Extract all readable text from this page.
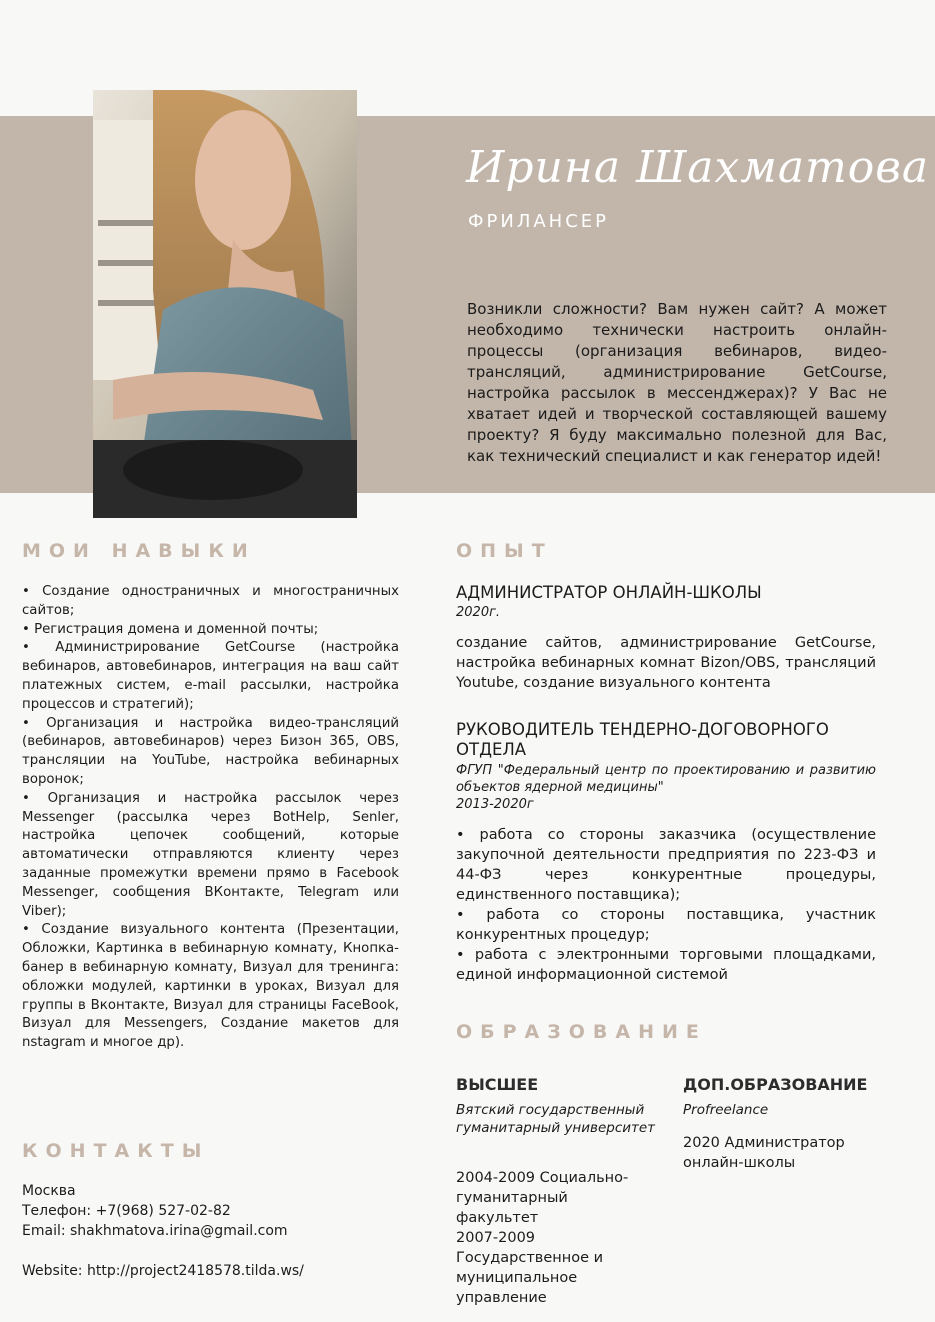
Ирина Шахматова
ФРИЛАНСЕР
Возникли сложности? Вам нужен сайт? А может необходимо технически настроить онлайн-процессы (организация вебинаров, видео-трансляций, администрирование GetCourse, настройка рассылок в мессенджерах)? У Вас не хватает идей и творческой составляющей вашему проекту? Я буду максимально полезной для Вас, как технический специалист и как генератор идей!
МОИ НАВЫКИ
• Создание одностраничных и многостраничных сайтов;
• Регистрация домена и доменной почты;
• Администрирование GetCourse (настройка вебинаров, автовебинаров, интеграция на ваш сайт платежных систем, e-mail рассылки, настройка процессов и стратегий);
• Организация и настройка видео-трансляций (вебинаров, автовебинаров) через Бизон 365, OBS, трансляции на YouTube, настройка вебинарных воронок;
• Организация и настройка рассылок через Messenger (рассылка через BotHelp, Senler, настройка цепочек сообщений, которые автоматически отправляются клиенту через заданные промежутки времени прямо в Facebook Messenger, сообщения ВКонтакте, Telegram или Viber);
• Создание визуального контента (Презентации, Обложки, Картинка в вебинарную комнату, Кнопка-банер в вебинарную комнату, Визуал для тренинга: обложки модулей, картинки в уроках, Визуал для группы в Вконтакте, Визуал для страницы FaceBook, Визуал для Messengers, Создание макетов для nstagram и многое др).
ОПЫТ
АДМИНИСТРАТОР ОНЛАЙН-ШКОЛЫ
2020г.
создание сайтов, администрирование GetCourse, настройка вебинарных комнат Bizon/OBS, трансляций Youtube, создание визуального контента
РУКОВОДИТЕЛЬ ТЕНДЕРНО-ДОГОВОРНОГО ОТДЕЛА
ФГУП "Федеральный центр по проектированию и развитию объектов ядерной медицины"
2013-2020г
• работа со стороны заказчика (осуществление закупочной деятельности предприятия по 223-ФЗ и 44-ФЗ через конкурентные процедуры, единственного поставщика);
• работа со стороны поставщика, участник конкурентных процедур;
• работа с электронными торговыми площадками, единой информационной системой
ОБРАЗОВАНИЕ
ВЫСШЕЕ
Вятский государственный гуманитарный университет
2004-2009 Социально-гуманитарный факультет
2007-2009
Государственное и муниципальное управление
ДОП.ОБРАЗОВАНИЕ
Profreelance
2020 Администратор онлайн-школы
КОНТАКТЫ
Москва
Телефон: +7(968) 527-02-82
Email: shakhmatova.irina@gmail.com
Website: http://project2418578.tilda.ws/
